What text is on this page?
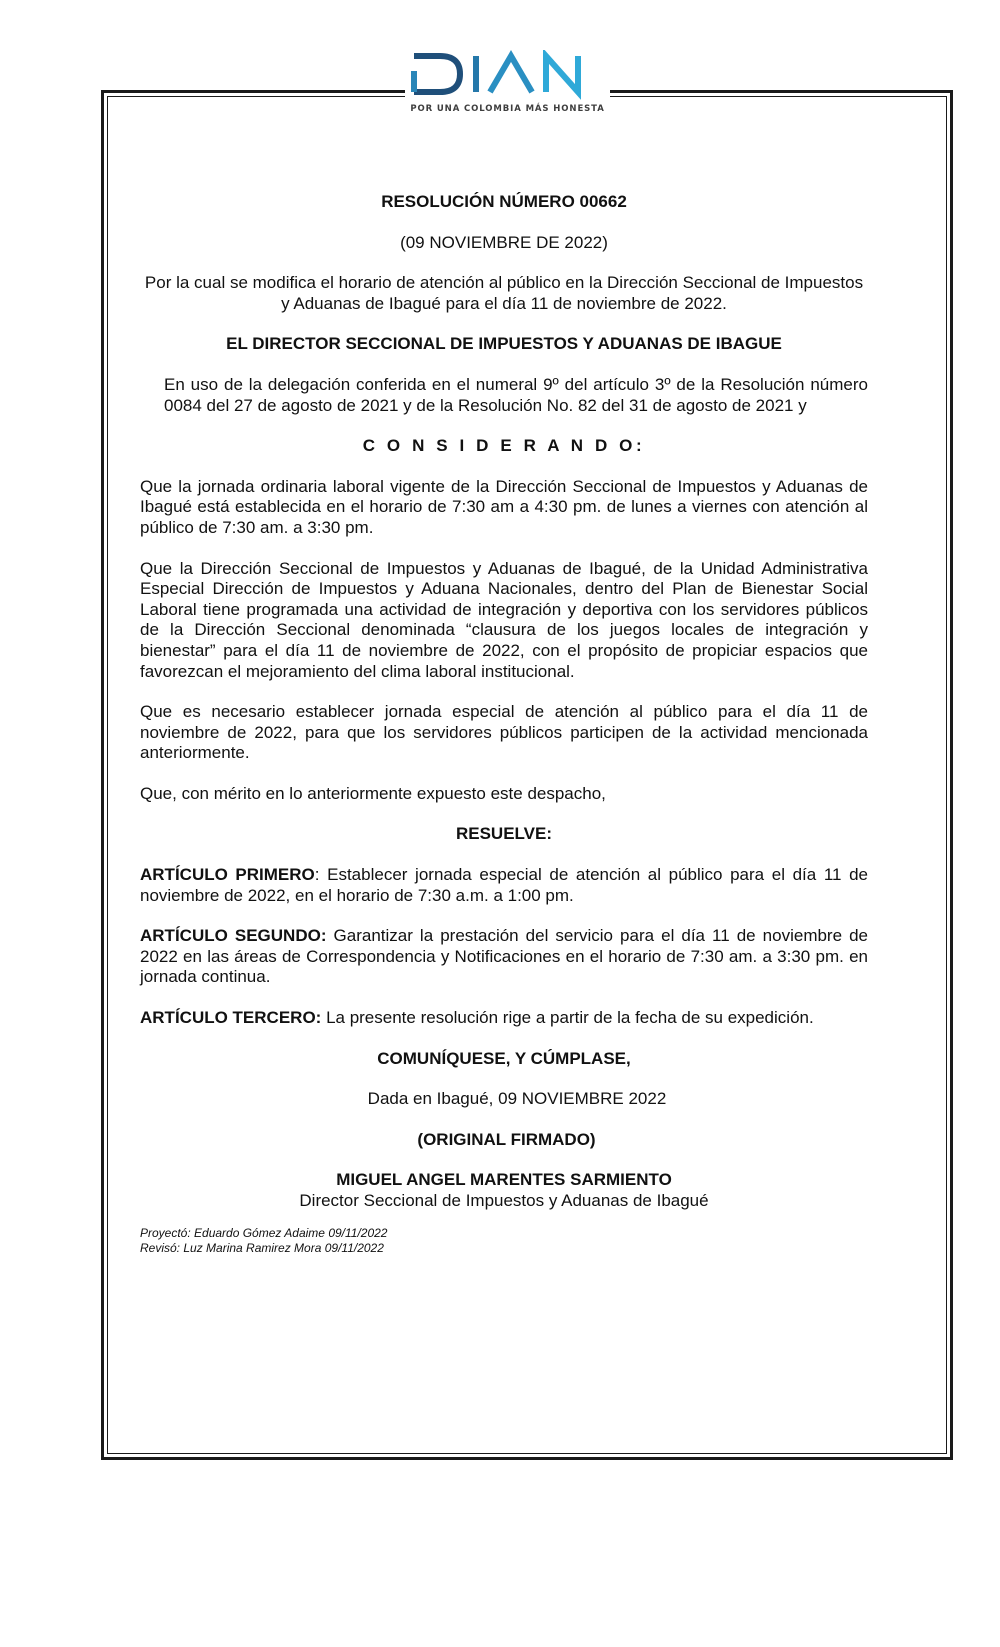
POR UNA COLOMBIA MÁS HONESTA

RESOLUCIÓN NÚMERO 00662

(09 NOVIEMBRE DE 2022)

Por la cual se modifica el horario de atención al público en la Dirección Seccional de Impuestos y Aduanas de Ibagué para el día 11 de noviembre de 2022.

EL DIRECTOR SECCIONAL DE IMPUESTOS Y ADUANAS DE IBAGUE

En uso de la delegación conferida en el numeral 9º del artículo 3º de la Resolución número 0084 del 27 de agosto de 2021 y de la Resolución No. 82 del 31 de agosto de 2021 y

C O N S I D E R A N D O:

Que la jornada ordinaria laboral vigente de la Dirección Seccional de Impuestos y Aduanas de Ibagué está establecida en el horario de 7:30 am a 4:30 pm. de lunes a viernes con atención al público de 7:30 am. a 3:30 pm.

Que la Dirección Seccional de Impuestos y Aduanas de Ibagué, de la Unidad Administrativa Especial Dirección de Impuestos y Aduana Nacionales, dentro del Plan de Bienestar Social Laboral tiene programada una actividad de integración y deportiva con los servidores públicos de la Dirección Seccional denominada “clausura de los juegos locales de integración y bienestar” para el día 11 de noviembre de 2022, con el propósito de propiciar espacios que favorezcan el mejoramiento del clima laboral institucional.

Que es necesario establecer jornada especial de atención al público para el día 11 de noviembre de 2022, para que los servidores públicos participen de la actividad mencionada anteriormente.

Que, con mérito en lo anteriormente expuesto este despacho,

RESUELVE:

ARTÍCULO PRIMERO: Establecer jornada especial de atención al público para el día 11 de noviembre de 2022, en el horario de 7:30 a.m. a 1:00 pm.

ARTÍCULO SEGUNDO: Garantizar la prestación del servicio para el día 11 de noviembre de 2022 en las áreas de Correspondencia y Notificaciones en el horario de 7:30 am. a 3:30 pm. en jornada continua.

ARTÍCULO TERCERO: La presente resolución rige a partir de la fecha de su expedición.

COMUNÍQUESE, Y CÚMPLASE,

Dada en Ibagué, 09 NOVIEMBRE 2022

(ORIGINAL FIRMADO)

MIGUEL ANGEL MARENTES SARMIENTO

Director Seccional de Impuestos y Aduanas de Ibagué

Proyectó: Eduardo Gómez Adaime 09/11/2022

Revisó: Luz Marina Ramirez Mora 09/11/2022
